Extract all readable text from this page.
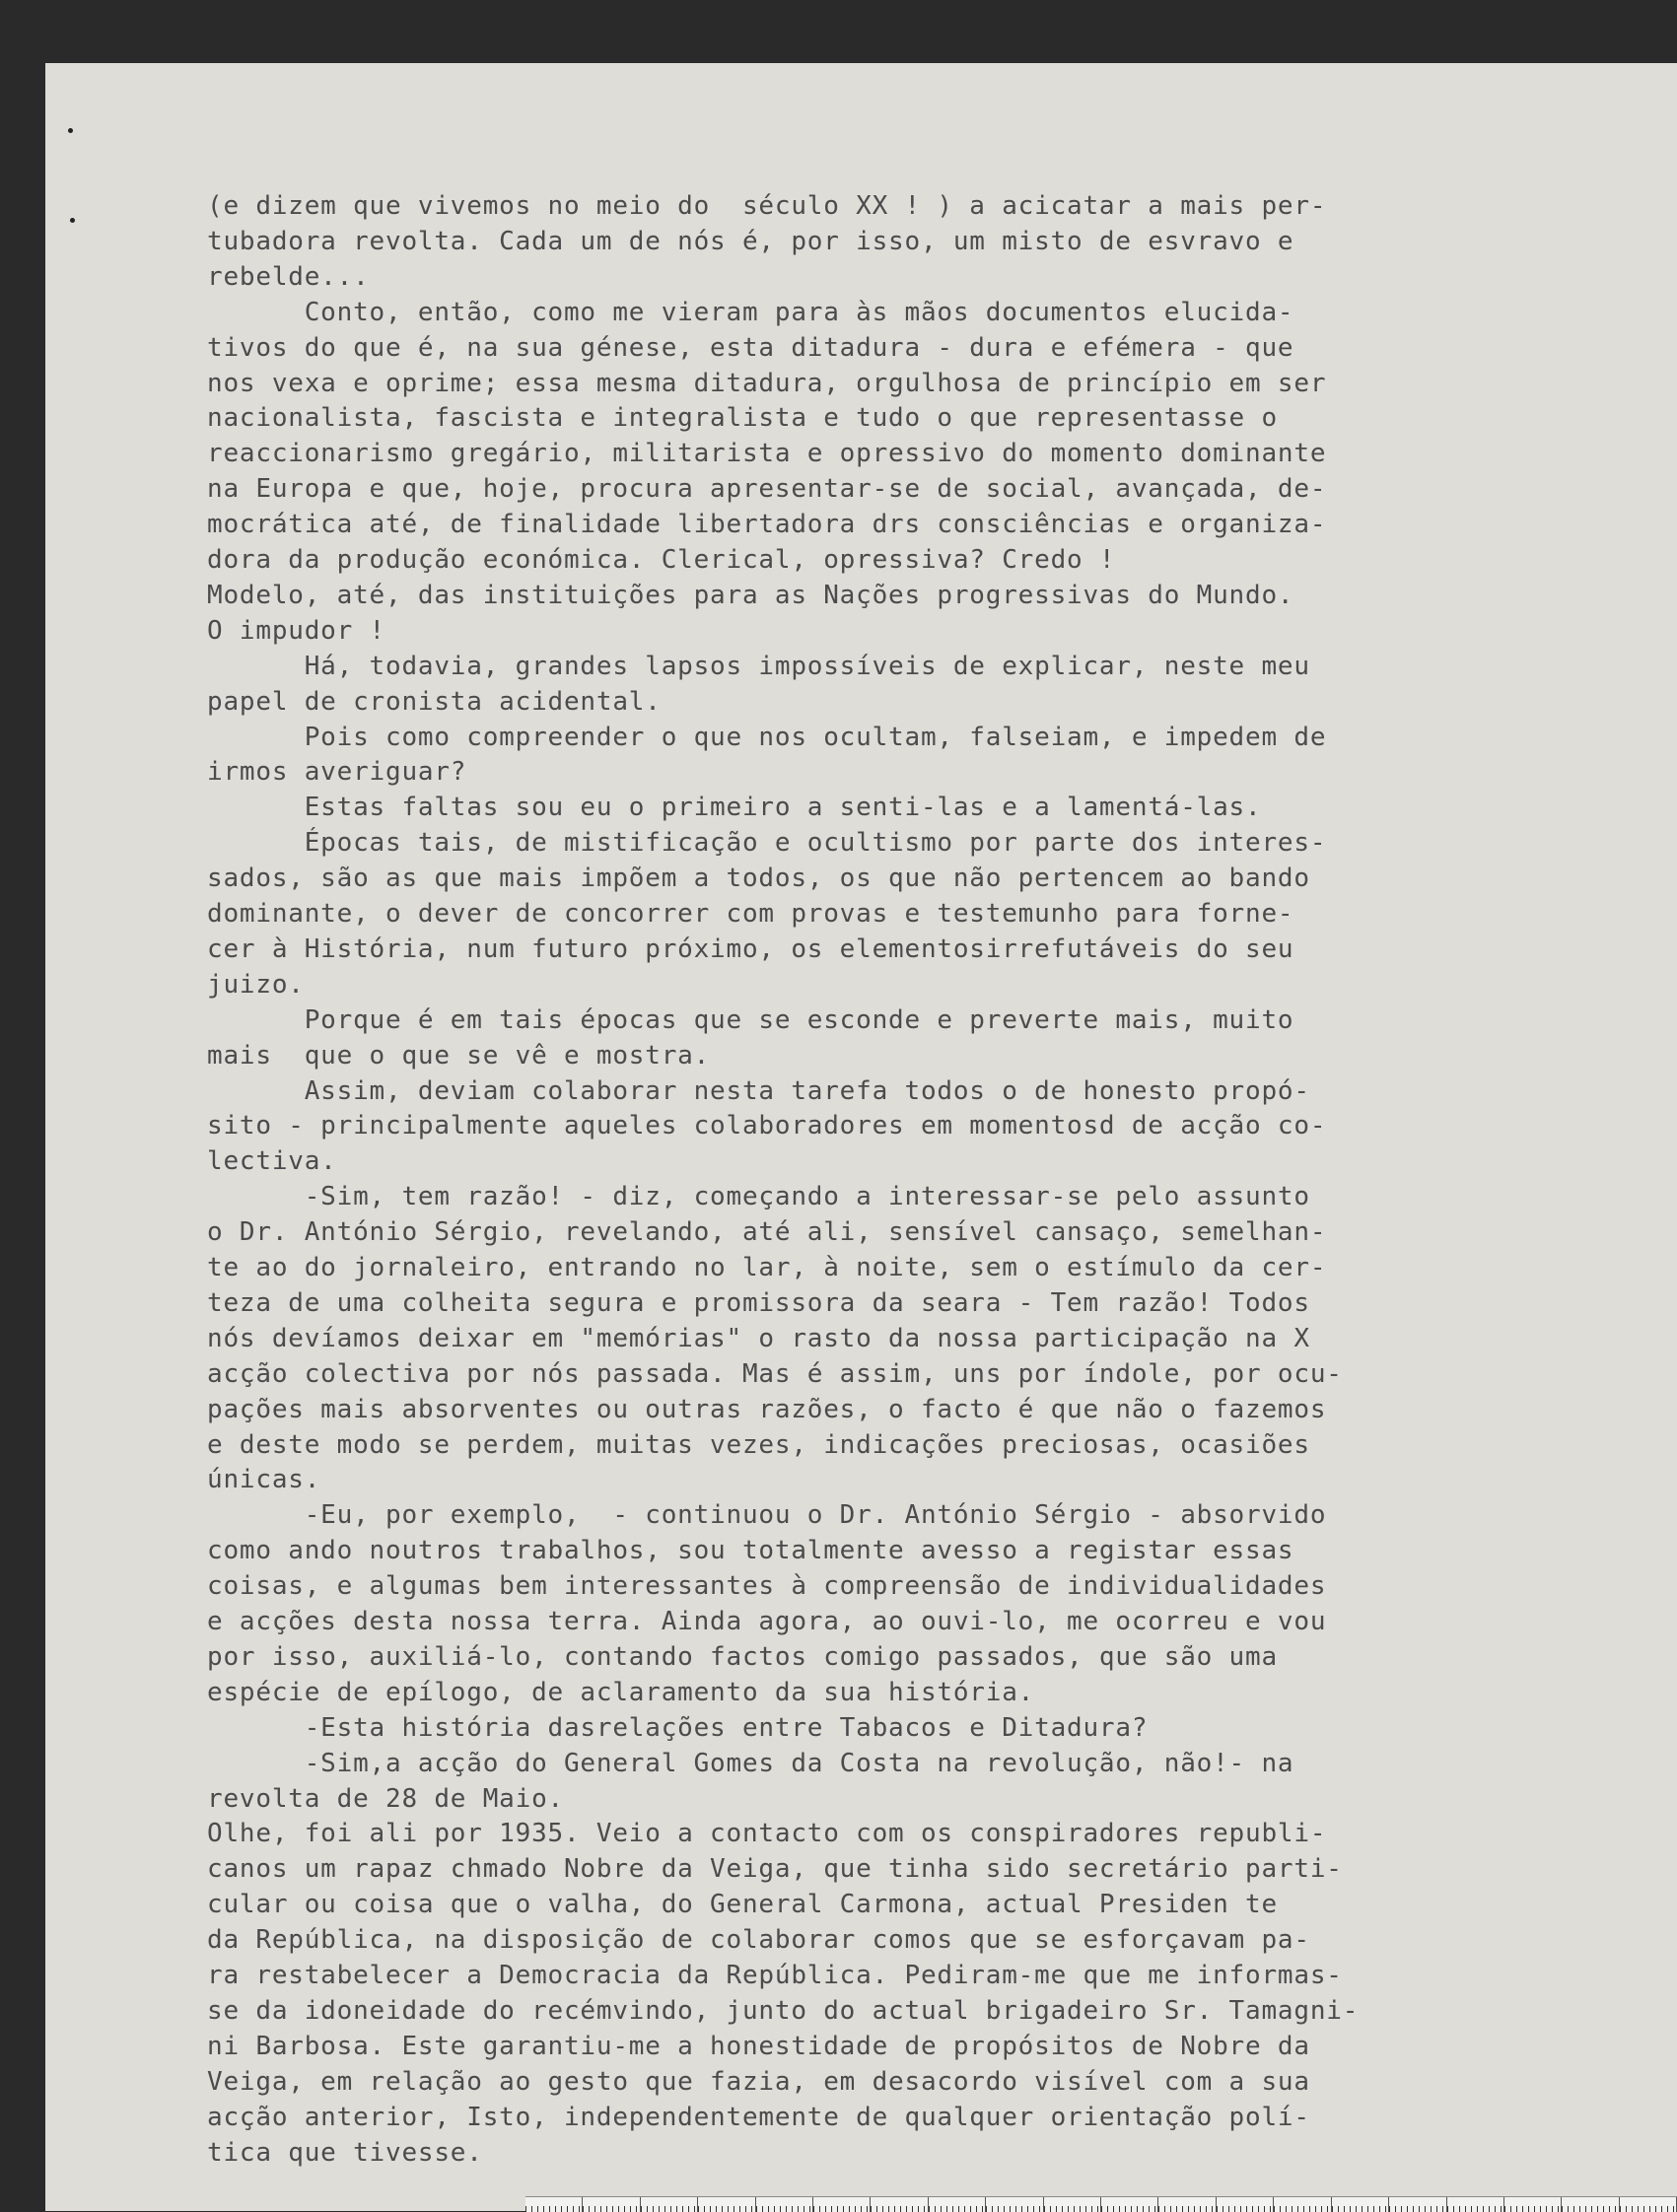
(e dizem que vivemos no meio do  século XX ! ) a acicatar a mais per-
tubadora revolta. Cada um de nós é, por isso, um misto de esvravo e
rebelde...
Conto, então, como me vieram para às mãos documentos elucida-
tivos do que é, na sua génese, esta ditadura - dura e efémera - que
nos vexa e oprime; essa mesma ditadura, orgulhosa de princípio em ser
nacionalista, fascista e integralista e tudo o que representasse o
reaccionarismo gregário, militarista e opressivo do momento dominante
na Europa e que, hoje, procura apresentar-se de social, avançada, de-
mocrática até, de finalidade libertadora drs consciências e organiza-
dora da produção económica. Clerical, opressiva? Credo !
Modelo, até, das instituições para as Nações progressivas do Mundo.
O impudor !
Há, todavia, grandes lapsos impossíveis de explicar, neste meu
papel de cronista acidental.
Pois como compreender o que nos ocultam, falseiam, e impedem de
irmos averiguar?
Estas faltas sou eu o primeiro a senti-las e a lamentá-las.
Épocas tais, de mistificação e ocultismo por parte dos interes-
sados, são as que mais impõem a todos, os que não pertencem ao bando
dominante, o dever de concorrer com provas e testemunho para forne-
cer à História, num futuro próximo, os elementosirrefutáveis do seu
juizo.
Porque é em tais épocas que se esconde e preverte mais, muito
mais  que o que se vê e mostra.
Assim, deviam colaborar nesta tarefa todos o de honesto propó-
sito - principalmente aqueles colaboradores em momentosd de acção co-
lectiva.
-Sim, tem razão! - diz, começando a interessar-se pelo assunto
o Dr. António Sérgio, revelando, até ali, sensível cansaço, semelhan-
te ao do jornaleiro, entrando no lar, à noite, sem o estímulo da cer-
teza de uma colheita segura e promissora da seara - Tem razão! Todos
nós devíamos deixar em "memórias" o rasto da nossa participação na X
acção colectiva por nós passada. Mas é assim, uns por índole, por ocu-
pações mais absorventes ou outras razões, o facto é que não o fazemos
e deste modo se perdem, muitas vezes, indicações preciosas, ocasiões
únicas.
-Eu, por exemplo,  - continuou o Dr. António Sérgio - absorvido
como ando noutros trabalhos, sou totalmente avesso a registar essas
coisas, e algumas bem interessantes à compreensão de individualidades
e acções desta nossa terra. Ainda agora, ao ouvi-lo, me ocorreu e vou
por isso, auxiliá-lo, contando factos comigo passados, que são uma
espécie de epílogo, de aclaramento da sua história.
-Esta história dasrelações entre Tabacos e Ditadura?
-Sim,a acção do General Gomes da Costa na revolução, não!- na
revolta de 28 de Maio.
Olhe, foi ali por 1935. Veio a contacto com os conspiradores republi-
canos um rapaz chmado Nobre da Veiga, que tinha sido secretário parti-
cular ou coisa que o valha, do General Carmona, actual Presiden te
da República, na disposição de colaborar comos que se esforçavam pa-
ra restabelecer a Democracia da República. Pediram-me que me informas-
se da idoneidade do recémvindo, junto do actual brigadeiro Sr. Tamagni-
ni Barbosa. Este garantiu-me a honestidade de propósitos de Nobre da
Veiga, em relação ao gesto que fazia, em desacordo visível com a sua
acção anterior, Isto, independentemente de qualquer orientação polí-
tica que tivesse.
